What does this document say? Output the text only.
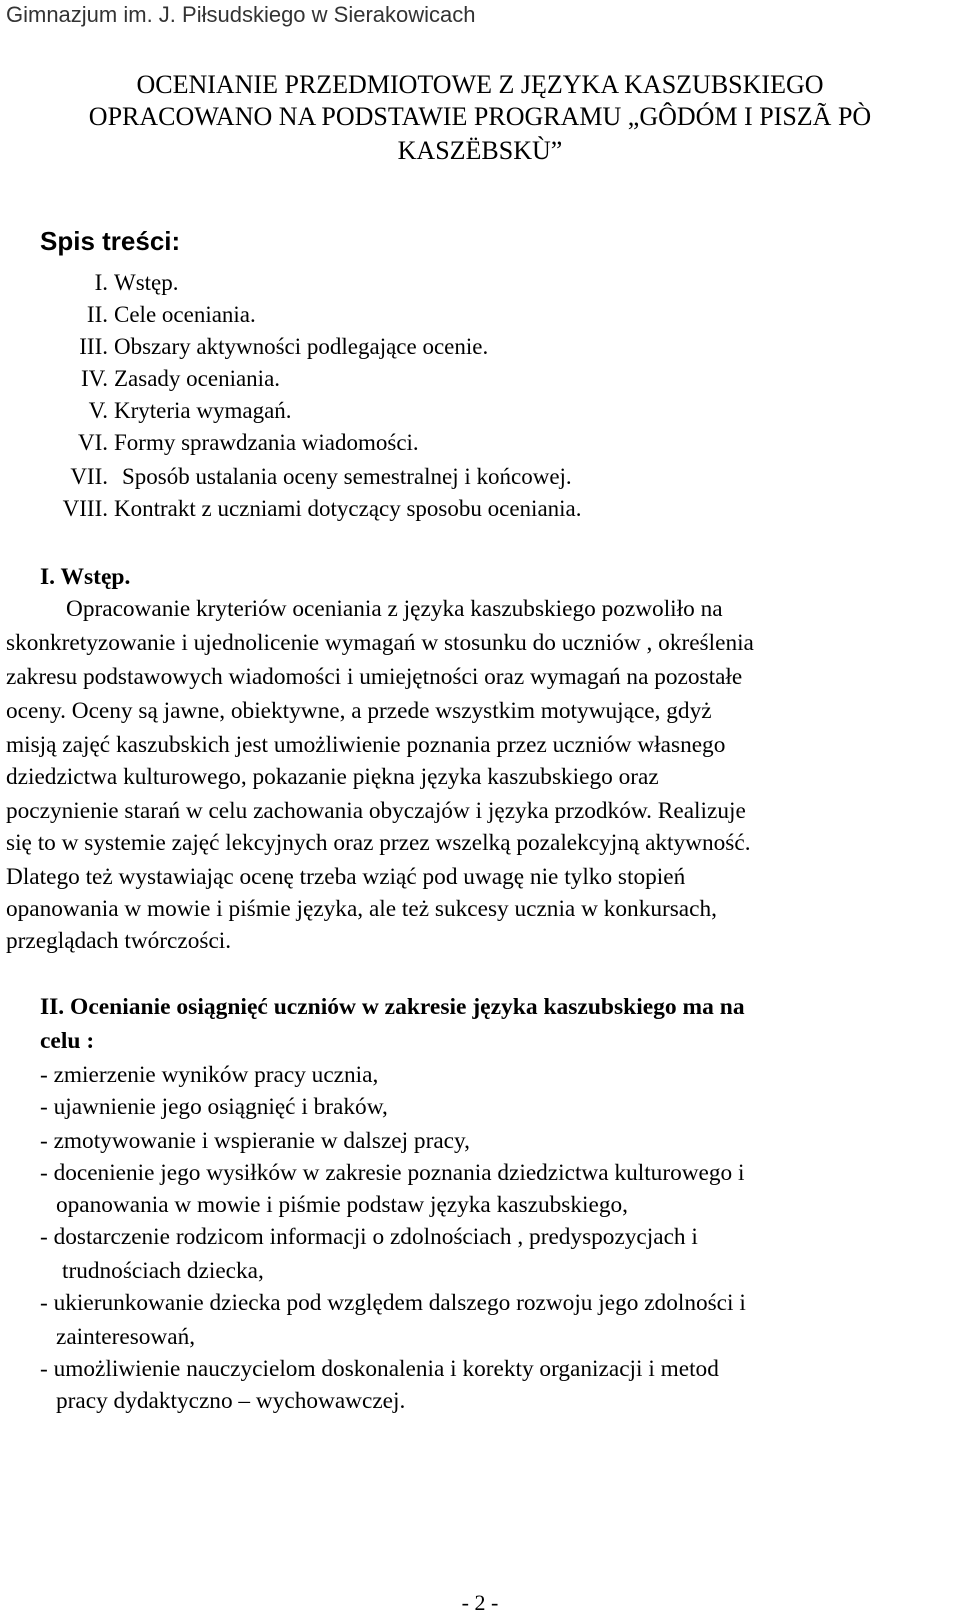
Gimnazjum im. J. Piłsudskiego w Sierakowicach
OCENIANIE PRZEDMIOTOWE Z JĘZYKA KASZUBSKIEGO
OPRACOWANO NA PODSTAWIE PROGRAMU „GÔDÓM I PISZÃ PÒ
KASZËBSKÙ”
Spis treści:
I. Wstęp.
II. Cele oceniania.
III. Obszary aktywności podlegające ocenie.
IV. Zasady oceniania.
V. Kryteria wymagań.
VI. Formy sprawdzania wiadomości.
VII. Sposób ustalania oceny semestralnej i końcowej.
VIII. Kontrakt z uczniami dotyczący sposobu oceniania.
I. Wstęp.
Opracowanie kryteriów oceniania z języka kaszubskiego pozwoliło na
skonkretyzowanie i ujednolicenie wymagań w stosunku do uczniów , określenia
zakresu podstawowych wiadomości i umiejętności oraz wymagań na pozostałe
oceny. Oceny są jawne, obiektywne, a przede wszystkim motywujące, gdyż
misją zajęć kaszubskich jest umożliwienie poznania przez uczniów własnego
dziedzictwa kulturowego, pokazanie piękna języka kaszubskiego oraz
poczynienie starań w celu zachowania obyczajów i języka przodków. Realizuje
się to w systemie zajęć lekcyjnych oraz przez wszelką pozalekcyjną aktywność.
Dlatego też wystawiając ocenę trzeba wziąć pod uwagę nie tylko stopień
opanowania w mowie i piśmie języka, ale też sukcesy ucznia w konkursach,
przeglądach twórczości.
II. Ocenianie osiągnięć uczniów w zakresie języka kaszubskiego ma na
celu :
- zmierzenie wyników pracy ucznia,
- ujawnienie jego osiągnięć i braków,
- zmotywowanie i wspieranie w dalszej pracy,
- docenienie jego wysiłków w zakresie poznania dziedzictwa kulturowego i
opanowania w mowie i piśmie podstaw języka kaszubskiego,
- dostarczenie rodzicom informacji o zdolnościach , predyspozycjach i
trudnościach dziecka,
- ukierunkowanie dziecka pod względem dalszego rozwoju jego zdolności i
zainteresowań,
- umożliwienie nauczycielom doskonalenia i korekty organizacji i metod
pracy dydaktyczno – wychowawczej.
- 2 -
